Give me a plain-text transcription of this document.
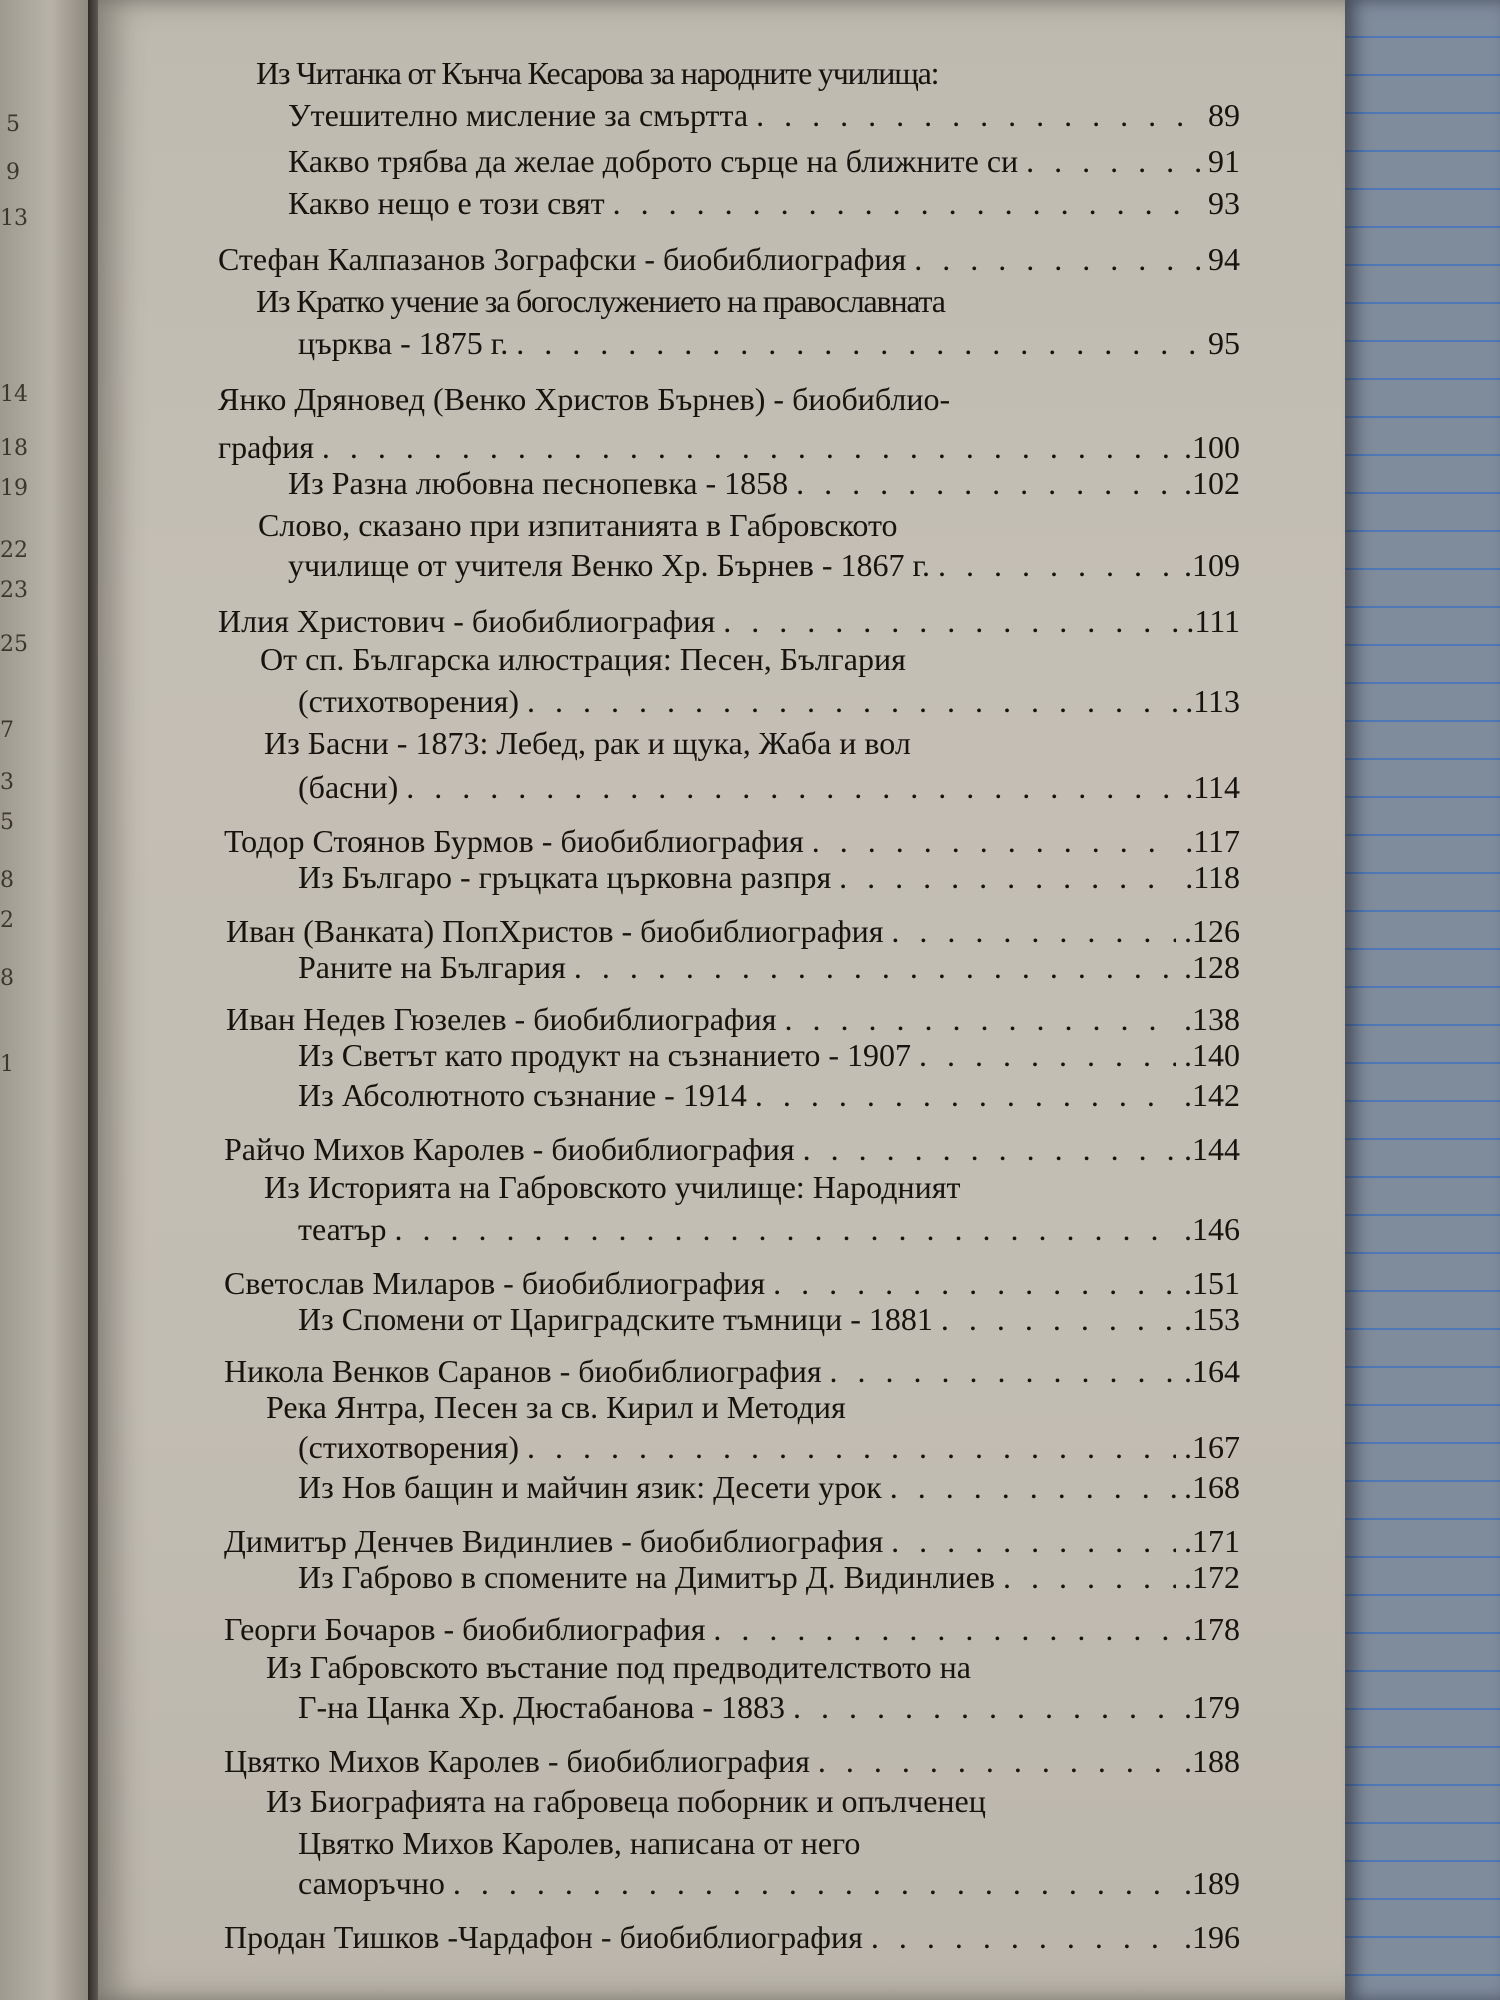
5
9
13
14
18
19
22
23
25
7
3
5
8
2
8
1
Из Читанка от Кънча Кесарова за народните училища:
Утешително мисление за смъртта . . .	89
Какво трябва да желае доброто сърце на ближните си . . .	91
Какво нещо е този свят . . .	93
Стефан Калпазанов Зографски - биобиблиография . . .	94
Из Кратко учение за богослужението на православната
църква - 1875 г. . . .	95
Янко Дряновед (Венко Христов Бърнев) - биобиблио-
графия . . .	.100
Из Разна любовна песнопевка - 1858 . . .	.102
Слово, сказано при изпитанията в Габровското
училище от учителя Венко Хр. Бърнев - 1867 г. . . .	.109
Илия Христович - биобиблиография . . .	.111
От сп. Българска илюстрация: Песен, България
(стихотворения) . . .	.113
Из Басни - 1873: Лебед, рак и щука, Жаба и вол
(басни) . . .	.114
Тодор Стоянов Бурмов - биобиблиография . . .	.117
Из Българо - гръцката църковна разпря . . .	.118
Иван (Ванката) ПопХристов - биобиблиография . . .	.126
Раните на България . . .	.128
Иван Недев Гюзелев - биобиблиография . . .	.138
Из Светът като продукт на съзнанието - 1907 . . .	.140
Из Абсолютното съзнание - 1914 . . .	.142
Райчо Михов Каролев - биобиблиография . . .	.144
Из Историята на Габровското училище: Народният
театър . . .	.146
Светослав Миларов - биобиблиография . . .	.151
Из Спомени от Цариградските тъмници - 1881 . . .	.153
Никола Венков Саранов - биобиблиография . . .	.164
Река Янтра, Песен за св. Кирил и Методия
(стихотворения) . . .	.167
Из Нов бащин и майчин язик: Десети урок . . .	.168
Димитър Денчев Видинлиев - биобиблиография . . .	.171
Из Габрово в спомените на Димитър Д. Видинлиев . . .	.172
Георги Бочаров - биобиблиография . . .	.178
Из Габровското въстание под предводителството на
Г-на Цанка Хр. Дюстабанова - 1883 . . .	.179
Цвятко Михов Каролев - биобиблиография . . .	.188
Из Биографията на габровеца поборник и опълченец
Цвятко Михов Каролев, написана от него
саморъчно . . .	.189
Продан Тишков -Чардафон - биобиблиография . . .	.196
